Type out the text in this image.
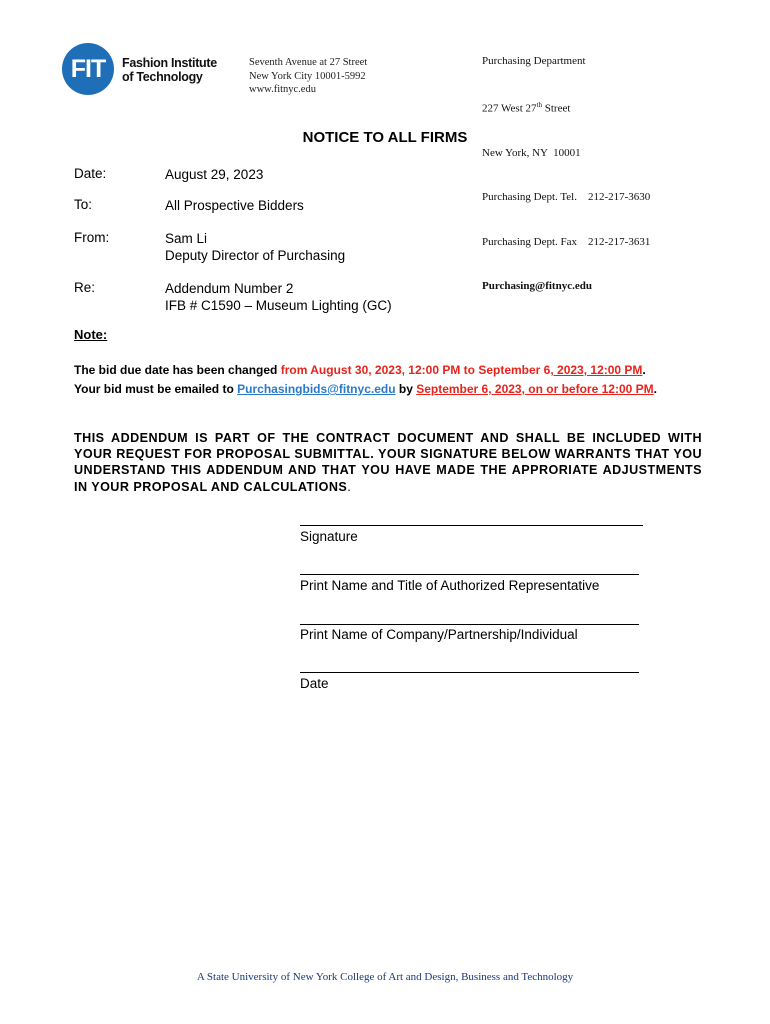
FIT Fashion Institute
of Technology
Seventh Avenue at 27 Street
New York City 10001-5992
www.fitnyc.edu

Purchasing Department

227 West 27th Street

New York, NY  10001

Purchasing Dept. Tel.    212-217-3630

Purchasing Dept. Fax    212-217-3631

Purchasing@fitnyc.edu

NOTICE TO ALL FIRMS
Date:	August 29, 2023
To:	All Prospective Bidders
From:	Sam Li
Deputy Director of Purchasing
Re:	Addendum Number 2
IFB # C1590 – Museum Lighting (GC)
Note:
The bid due date has been changed from August 30, 2023, 12:00 PM to September 6, 2023, 12:00 PM.
Your bid must be emailed to Purchasingbids@fitnyc.edu by September 6, 2023, on or before 12:00 PM.
THIS ADDENDUM IS PART OF THE CONTRACT DOCUMENT AND SHALL BE INCLUDED WITH YOUR REQUEST FOR PROPOSAL SUBMITTAL. YOUR SIGNATURE BELOW WARRANTS THAT YOU UNDERSTAND THIS ADDENDUM AND THAT YOU HAVE MADE THE APPRORIATE ADJUSTMENTS IN YOUR PROPOSAL AND CALCULATIONS.
Signature
Print Name and Title of Authorized Representative
Print Name of Company/Partnership/Individual
Date
A State University of New York College of Art and Design, Business and Technology
